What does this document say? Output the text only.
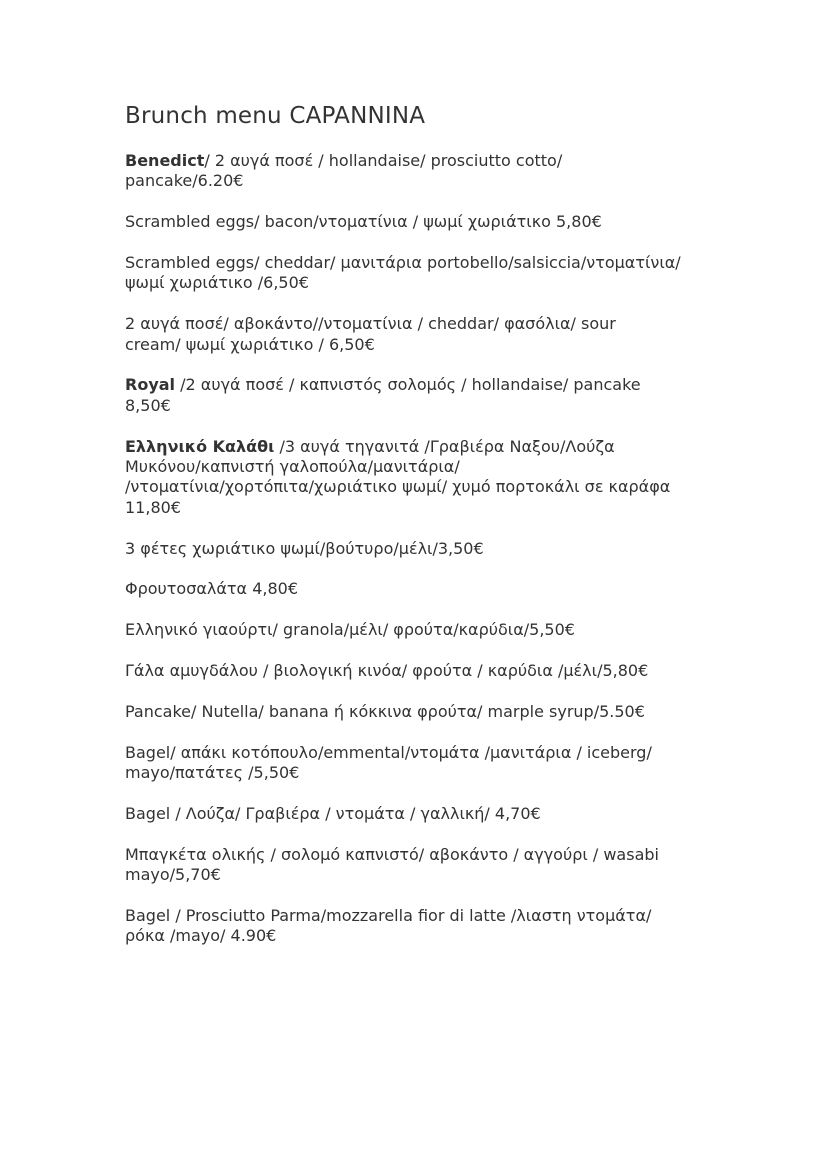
Brunch menu CAPANNINA
Benedict/ 2 αυγά ποσέ / hollandaise/ prosciutto cotto/
pancake/6.20€
Scrambled eggs/ bacon/ντοματίνια / ψωμί χωριάτικο 5,80€
Scrambled eggs/ cheddar/ μανιτάρια portobello/salsiccia/ντοματίνια/
ψωμί χωριάτικο /6,50€
2 αυγά ποσέ/ αβοκάντο//ντοματίνια / cheddar/ φασόλια/ sour
cream/ ψωμί χωριάτικο / 6,50€
Royal /2 αυγά ποσέ / καπνιστός σολομός / hollandaise/ pancake
8,50€
Ελληνικό Καλάθι /3 αυγά τηγανιτά /Γραβιέρα Ναξου/Λούζα
Μυκόνου/καπνιστή γαλοπούλα/μανιτάρια/
/ντοματίνια/χορτόπιτα/χωριάτικο ψωμί/ χυμό πορτοκάλι σε καράφα
11,80€
3 φέτες χωριάτικο ψωμί/βούτυρο/μέλι/3,50€
Φρουτοσαλάτα 4,80€
Ελληνικό γιαούρτι/ granola/μέλι/ φρούτα/καρύδια/5,50€
Γάλα αμυγδάλου / βιολογική κινόα/ φρούτα / καρύδια /μέλι/5,80€
Pancake/ Nutella/ banana ή κόκκινα φρούτα/ marple syrup/5.50€
Bagel/ απάκι κοτόπουλο/emmental/ντομάτα /μανιτάρια / iceberg/
mayo/πατάτες /5,50€
Bagel / Λούζα/ Γραβιέρα / ντομάτα / γαλλική/ 4,70€
Μπαγκέτα ολικής / σολομό καπνιστό/ αβοκάντο / αγγούρι / wasabi
mayo/5,70€
Bagel / Prosciutto Parma/mozzarella fior di latte /λιαστη ντομάτα/
ρόκα /mayo/ 4.90€
